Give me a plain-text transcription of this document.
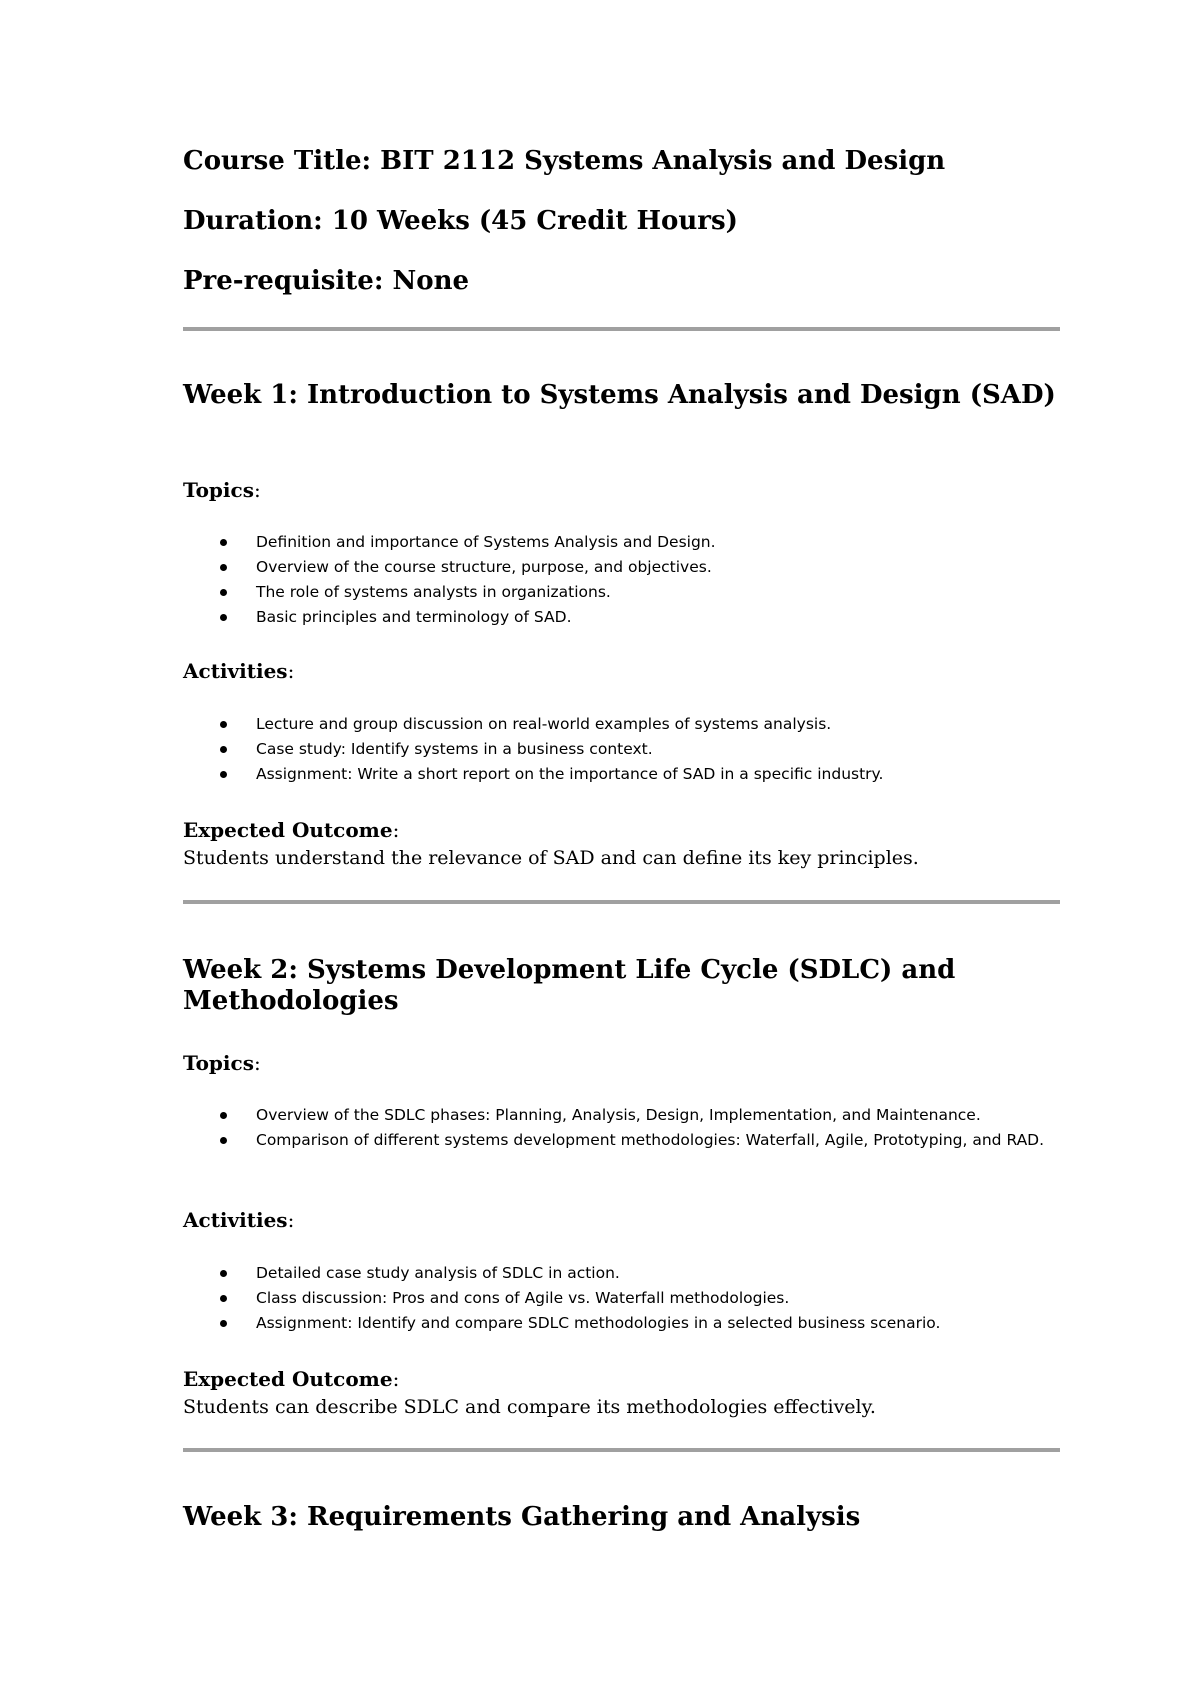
Course Title: BIT 2112 Systems Analysis and Design
Duration: 10 Weeks (45 Credit Hours)
Pre-requisite: None
Week 1: Introduction to Systems Analysis and Design (SAD)
Topics:
Definition and importance of Systems Analysis and Design.
Overview of the course structure, purpose, and objectives.
The role of systems analysts in organizations.
Basic principles and terminology of SAD.
Activities:
Lecture and group discussion on real-world examples of systems analysis.
Case study: Identify systems in a business context.
Assignment: Write a short report on the importance of SAD in a specific industry.
Expected Outcome:
Students understand the relevance of SAD and can define its key principles.
Week 2: Systems Development Life Cycle (SDLC) and Methodologies
Topics:
Overview of the SDLC phases: Planning, Analysis, Design, Implementation, and Maintenance.
Comparison of different systems development methodologies: Waterfall, Agile, Prototyping, and RAD.
Activities:
Detailed case study analysis of SDLC in action.
Class discussion: Pros and cons of Agile vs. Waterfall methodologies.
Assignment: Identify and compare SDLC methodologies in a selected business scenario.
Expected Outcome:
Students can describe SDLC and compare its methodologies effectively.
Week 3: Requirements Gathering and Analysis
